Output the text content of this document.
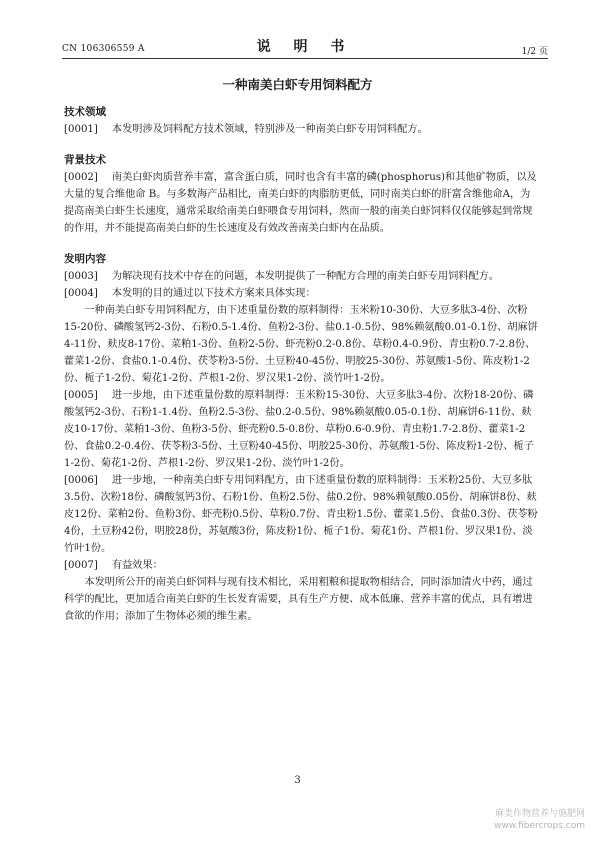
CN 106306559 A	说 明 书	1/2 页
一种南美白虾专用饲料配方

技术领域

[0001] 本发明涉及饲料配方技术领域，特别涉及一种南美白虾专用饲料配方。

背景技术

[0002] 南美白虾肉质营养丰富，富含蛋白质，同时也含有丰富的磷(phosphorus)和其他矿物质，以及大量的复合维他命 B。与多数海产品相比，南美白虾的肉脂肪更低，同时南美白虾的肝富含维他命A，为提高南美白虾生长速度，通常采取给南美白虾喂食专用饲料，然而一般的南美白虾饲料仅仅能够起到常规的作用，并不能提高南美白虾的生长速度及有效改善南美白虾内在品质。

发明内容

[0003] 为解决现有技术中存在的问题，本发明提供了一种配方合理的南美白虾专用饲料配方。

[0004] 本发明的目的通过以下技术方案来具体实现：

一种南美白虾专用饲料配方，由下述重量份数的原料制得：玉米粉10-30份、大豆多肽3-4份、次粉15-20份、磷酸氢钙2-3份、石粉0.5-1.4份、鱼粉2-3份、盐0.1-0.5份、98%赖氨酸0.01-0.1份、胡麻饼4-11份、麸皮8-17份、菜粕1-3份、鱼粉2-5份、虾壳粉0.2-0.8份、草粉0.4-0.9份、青虫粉0.7-2.8份、藿菜1-2份、食盐0.1-0.4份、茯苓粉3-5份、土豆粉40-45份、明胶25-30份、苏氨酸1-5份、陈皮粉1-2份、栀子1-2份、菊花1-2份、芦根1-2份、罗汉果1-2份、淡竹叶1-2份。

[0005] 进一步地，由下述重量份数的原料制得：玉米粉15-30份、大豆多肽3-4份、次粉18-20份、磷酸氢钙2-3份、石粉1-1.4份、鱼粉2.5-3份、盐0.2-0.5份、98%赖氨酸0.05-0.1份、胡麻饼6-11份、麸皮10-17份、菜粕1-3份、鱼粉3-5份、虾壳粉0.5-0.8份、草粉0.6-0.9份、青虫粉1.7-2.8份、藿菜1-2份、食盐0.2-0.4份、茯苓粉3-5份、土豆粉40-45份、明胶25-30份、苏氨酸1-5份、陈皮粉1-2份、栀子1-2份、菊花1-2份、芦根1-2份、罗汉果1-2份、淡竹叶1-2份。

[0006] 进一步地，一种南美白虾专用饲料配方，由下述重量份数的原料制得：玉米粉25份、大豆多肽3.5份、次粉18份、磷酸氢钙3份、石粉1份、鱼粉2.5份、盐0.2份、98%赖氨酸0.05份、胡麻饼8份、麸皮12份、菜粕2份、鱼粉3份、虾壳粉0.5份、草粉0.7份、青虫粉1.5份、藿菜1.5份、食盐0.3份、茯苓粉4份，土豆粉42份，明胶28份，苏氨酸3份，陈皮粉1份、栀子1份、菊花1份、芦根1份、罗汉果1份、淡竹叶1份。

[0007] 有益效果：

本发明所公开的南美白虾饲料与现有技术相比，采用粗粮和提取物相结合，同时添加清火中药，通过科学的配比，更加适合南美白虾的生长发育需要，具有生产方便、成本低廉、营养丰富的优点，具有增进食欲的作用；添加了生物体必须的维生素。

3
麻类作物营养与施肥网
www.fibercrops.com
